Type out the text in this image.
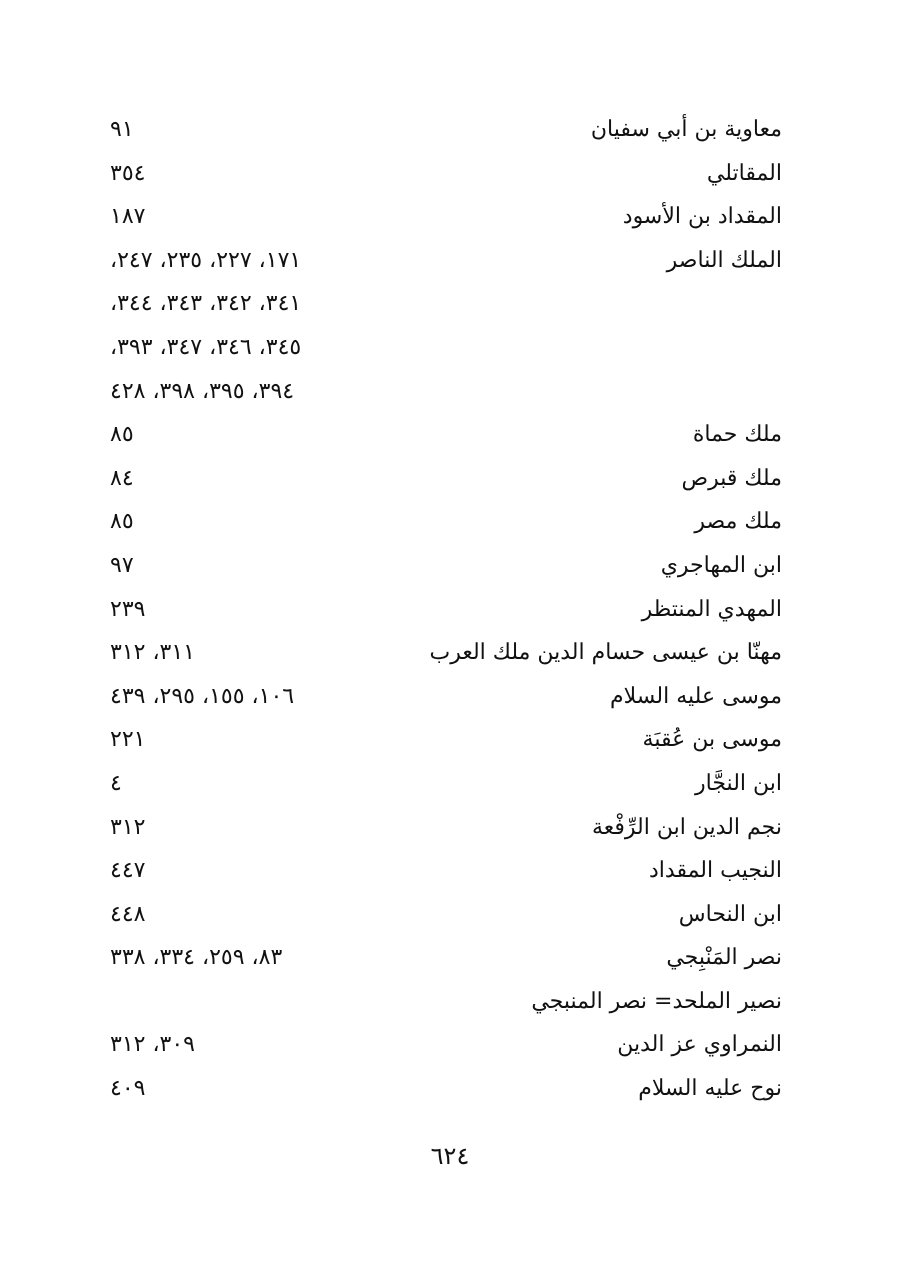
معاوية بن أبي سفيان
٩١
المقاتلي
٣٥٤
المقداد بن الأسود
١٨٧
الملك الناصر
١٧١، ٢٢٧، ٢٣٥، ٢٤٧،
٣٤١، ٣٤٢، ٣٤٣، ٣٤٤،
٣٤٥، ٣٤٦، ٣٤٧، ٣٩٣،
٣٩٤، ٣٩٥، ٣٩٨، ٤٢٨
ملك حماة
٨٥
ملك قبرص
٨٤
ملك مصر
٨٥
ابن المهاجري
٩٧
المهدي المنتظر
٢٣٩
مهنّا بن عيسى حسام الدين ملك العرب
٣١١، ٣١٢
موسى عليه السلام
١٠٦، ١٥٥، ٢٩٥، ٤٣٩
موسى بن عُقبَة
٢٢١
ابن النجَّار
٤
نجم الدين ابن الرِّفْعة
٣١٢
النجيب المقداد
٤٤٧
ابن النحاس
٤٤٨
نصر المَنْبِجي
٨٣، ٢٥٩، ٣٣٤، ٣٣٨
نصير الملحد= نصر المنبجي
النمراوي عز الدين
٣٠٩، ٣١٢
نوح عليه السلام
٤٠٩
٦٢٤
